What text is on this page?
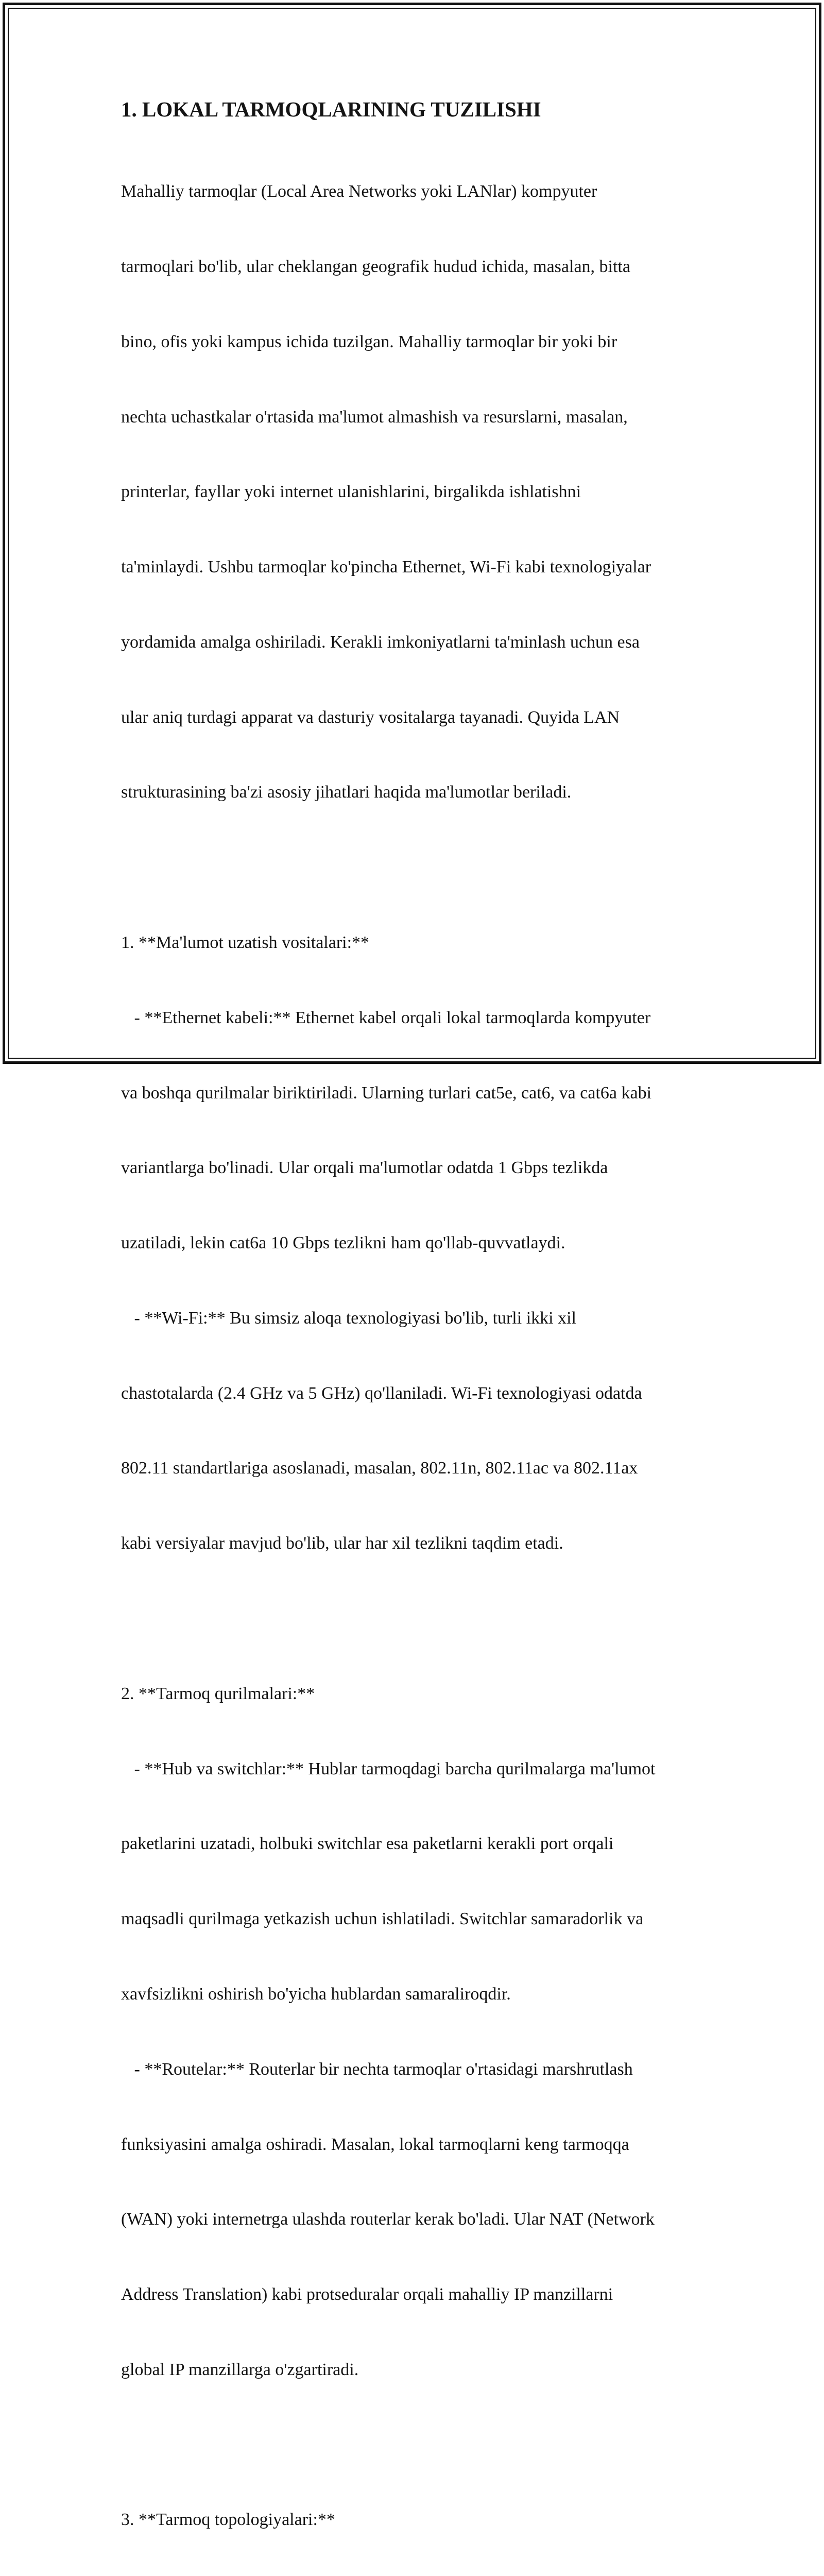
1. LOKAL TARMOQLARINING TUZILISHI

Mahalliy tarmoqlar (Local Area Networks yoki LANlar) kompyuter

tarmoqlari bo'lib, ular cheklangan geografik hudud ichida, masalan, bitta

bino, ofis yoki kampus ichida tuzilgan. Mahalliy tarmoqlar bir yoki bir

nechta uchastkalar o'rtasida ma'lumot almashish va resurslarni, masalan,

printerlar, fayllar yoki internet ulanishlarini, birgalikda ishlatishni

ta'minlaydi. Ushbu tarmoqlar ko'pincha Ethernet, Wi-Fi kabi texnologiyalar

yordamida amalga oshiriladi. Kerakli imkoniyatlarni ta'minlash uchun esa

ular aniq turdagi apparat va dasturiy vositalarga tayanadi. Quyida LAN

strukturasining ba'zi asosiy jihatlari haqida ma'lumotlar beriladi.

1. **Ma'lumot uzatish vositalari:**

- **Ethernet kabeli:** Ethernet kabel orqali lokal tarmoqlarda kompyuter

va boshqa qurilmalar biriktiriladi. Ularning turlari cat5e, cat6, va cat6a kabi

variantlarga bo'linadi. Ular orqali ma'lumotlar odatda 1 Gbps tezlikda

uzatiladi, lekin cat6a 10 Gbps tezlikni ham qo'llab-quvvatlaydi.

- **Wi-Fi:** Bu simsiz aloqa texnologiyasi bo'lib, turli ikki xil

chastotalarda (2.4 GHz va 5 GHz) qo'llaniladi. Wi-Fi texnologiyasi odatda

802.11 standartlariga asoslanadi, masalan, 802.11n, 802.11ac va 802.11ax

kabi versiyalar mavjud bo'lib, ular har xil tezlikni taqdim etadi.

2. **Tarmoq qurilmalari:**

- **Hub va switchlar:** Hublar tarmoqdagi barcha qurilmalarga ma'lumot

paketlarini uzatadi, holbuki switchlar esa paketlarni kerakli port orqali

maqsadli qurilmaga yetkazish uchun ishlatiladi. Switchlar samaradorlik va

xavfsizlikni oshirish bo'yicha hublardan samaraliroqdir.

- **Routelar:** Routerlar bir nechta tarmoqlar o'rtasidagi marshrutlash

funksiyasini amalga oshiradi. Masalan, lokal tarmoqlarni keng tarmoqqa

(WAN) yoki internetrga ulashda routerlar kerak bo'ladi. Ular NAT (Network

Address Translation) kabi protseduralar orqali mahalliy IP manzillarni

global IP manzillarga o'zgartiradi.

3. **Tarmoq topologiyalari:**
